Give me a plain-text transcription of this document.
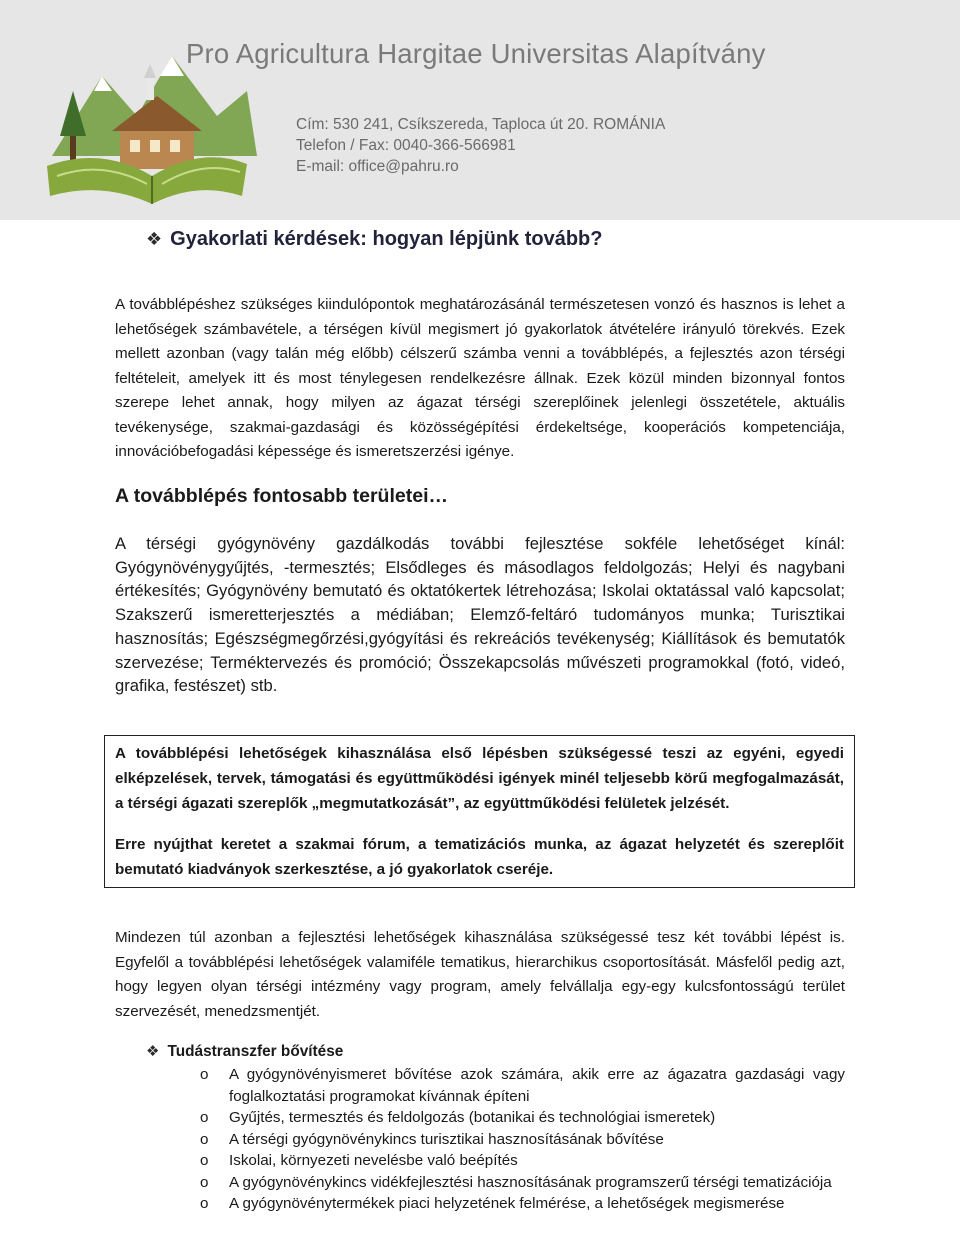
Pro Agricultura Hargitae Universitas Alapítvány
Cím: 530 241, Csíkszereda, Taploca út 20. ROMÁNIA
Telefon / Fax: 0040-366-566981
E-mail: office@pahru.ro
❖ Gyakorlati kérdések: hogyan lépjünk tovább?
A továbblépéshez szükséges kiindulópontok meghatározásánál természetesen vonzó és hasznos is lehet a lehetőségek számbavétele, a térségen kívül megismert jó gyakorlatok átvételére irányuló törekvés. Ezek mellett azonban (vagy talán még előbb) célszerű számba venni a továbblépés, a fejlesztés azon térségi feltételeit, amelyek itt és most ténylegesen rendelkezésre állnak. Ezek közül minden bizonnyal fontos szerepe lehet annak, hogy milyen az ágazat térségi szereplőinek jelenlegi összetétele, aktuális tevékenysége, szakmai-gazdasági és közösségépítési érdekeltsége, kooperációs kompetenciája, innovációbefogadási képessége és ismeretszerzési igénye.
A továbblépés fontosabb területei…
A térségi gyógynövény gazdálkodás további fejlesztése sokféle lehetőséget kínál: Gyógynövénygyűjtés, -termesztés; Elsődleges és másodlagos feldolgozás; Helyi és nagybani értékesítés; Gyógynövény bemutató és oktatókertek létrehozása; Iskolai oktatással való kapcsolat; Szakszerű ismeretterjesztés a médiában; Elemző-feltáró tudományos munka; Turisztikai hasznosítás; Egészségmegőrzési,gyógyítási és rekreációs tevékenység; Kiállítások és bemutatók szervezése; Terméktervezés és promóció; Összekapcsolás művészeti programokkal (fotó, videó, grafika, festészet) stb.

A továbblépési lehetőségek kihasználása első lépésben szükségessé teszi az egyéni, egyedi elképzelések, tervek, támogatási és együttműködési igények minél teljesebb körű megfogalmazását, a térségi ágazati szereplők „megmutatkozását”, az együttműködési felületek jelzését.

Erre nyújthat keretet a szakmai fórum, a tematizációs munka, az ágazat helyzetét és szereplőit bemutató kiadványok szerkesztése, a jó gyakorlatok cseréje.

Mindezen túl azonban a fejlesztési lehetőségek kihasználása szükségessé tesz két további lépést is. Egyfelől a továbblépési lehetőségek valamiféle tematikus, hierarchikus csoportosítását. Másfelől pedig azt, hogy legyen olyan térségi intézmény vagy program, amely felvállalja egy-egy kulcsfontosságú terület szervezését, menedzsmentjét.
❖ Tudástranszfer bővítése
o A gyógynövényismeret bővítése azok számára, akik erre az ágazatra gazdasági vagy foglalkoztatási programokat kívánnak építeni
o Gyűjtés, termesztés és feldolgozás (botanikai és technológiai ismeretek)
o A térségi gyógynövénykincs turisztikai hasznosításának bővítése
o Iskolai, környezeti nevelésbe való beépítés
o A gyógynövénykincs vidékfejlesztési hasznosításának programszerű térségi tematizációja
o A gyógynövénytermékek piaci helyzetének felmérése, a lehetőségek megismerése
